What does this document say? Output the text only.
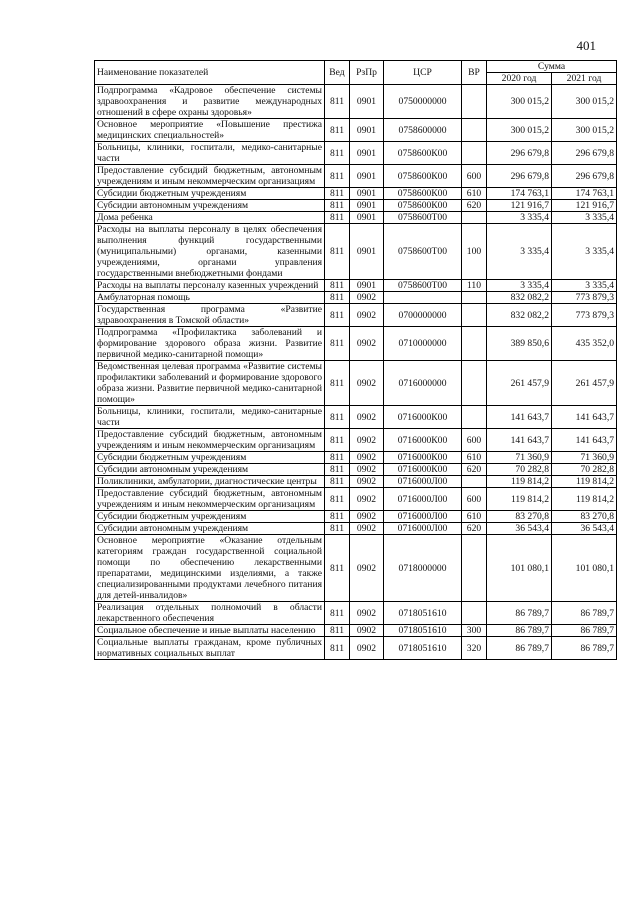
401
Наименование показателей	Вед	РзПр	ЦСР	ВР	Сумма	
					2020 год	2021 год
Подпрограмма «Кадровое обеспечение системы здравоохранения и развитие международных отношений в сфере охраны здоровья»	811	0901	0750000000		300 015,2	300 015,2
Основное мероприятие «Повышение престижа медицинских специальностей»	811	0901	0758600000		300 015,2	300 015,2
Больницы, клиники, госпитали, медико-санитарные части	811	0901	0758600К00		296 679,8	296 679,8
Предоставление субсидий бюджетным, автономным учреждениям и иным некоммерческим организациям	811	0901	0758600К00	600	296 679,8	296 679,8
Субсидии бюджетным учреждениям	811	0901	0758600К00	610	174 763,1	174 763,1
Субсидии автономным учреждениям	811	0901	0758600К00	620	121 916,7	121 916,7
Дома ребенка	811	0901	0758600Т00		3 335,4	3 335,4
Расходы на выплаты персоналу в целях обеспечения выполнения функций государственными (муниципальными) органами, казенными учреждениями, органами управления государственными внебюджетными фондами	811	0901	0758600Т00	100	3 335,4	3 335,4
Расходы на выплаты персоналу казенных учреждений	811	0901	0758600Т00	110	3 335,4	3 335,4
Амбулаторная помощь	811	0902			832 082,2	773 879,3
Государственная программа «Развитие здравоохранения в Томской области»	811	0902	0700000000		832 082,2	773 879,3
Подпрограмма «Профилактика заболеваний и формирование здорового образа жизни. Развитие первичной медико-санитарной помощи»	811	0902	0710000000		389 850,6	435 352,0
Ведомственная целевая программа «Развитие системы профилактики заболеваний и формирование здорового образа жизни. Развитие первичной медико-санитарной помощи»	811	0902	0716000000		261 457,9	261 457,9
Больницы, клиники, госпитали, медико-санитарные части	811	0902	0716000К00		141 643,7	141 643,7
Предоставление субсидий бюджетным, автономным учреждениям и иным некоммерческим организациям	811	0902	0716000К00	600	141 643,7	141 643,7
Субсидии бюджетным учреждениям	811	0902	0716000К00	610	71 360,9	71 360,9
Субсидии автономным учреждениям	811	0902	0716000К00	620	70 282,8	70 282,8
Поликлиники, амбулатории, диагностические центры	811	0902	0716000Л00		119 814,2	119 814,2
Предоставление субсидий бюджетным, автономным учреждениям и иным некоммерческим организациям	811	0902	0716000Л00	600	119 814,2	119 814,2
Субсидии бюджетным учреждениям	811	0902	0716000Л00	610	83 270,8	83 270,8
Субсидии автономным учреждениям	811	0902	0716000Л00	620	36 543,4	36 543,4
Основное мероприятие «Оказание отдельным категориям граждан государственной социальной помощи по обеспечению лекарственными препаратами, медицинскими изделиями, а также специализированными продуктами лечебного питания для детей-инвалидов»	811	0902	0718000000		101 080,1	101 080,1
Реализация отдельных полномочий в области лекарственного обеспечения	811	0902	0718051610		86 789,7	86 789,7
Социальное обеспечение и иные выплаты населению	811	0902	0718051610	300	86 789,7	86 789,7
Социальные выплаты гражданам, кроме публичных нормативных социальных выплат	811	0902	0718051610	320	86 789,7	86 789,7
